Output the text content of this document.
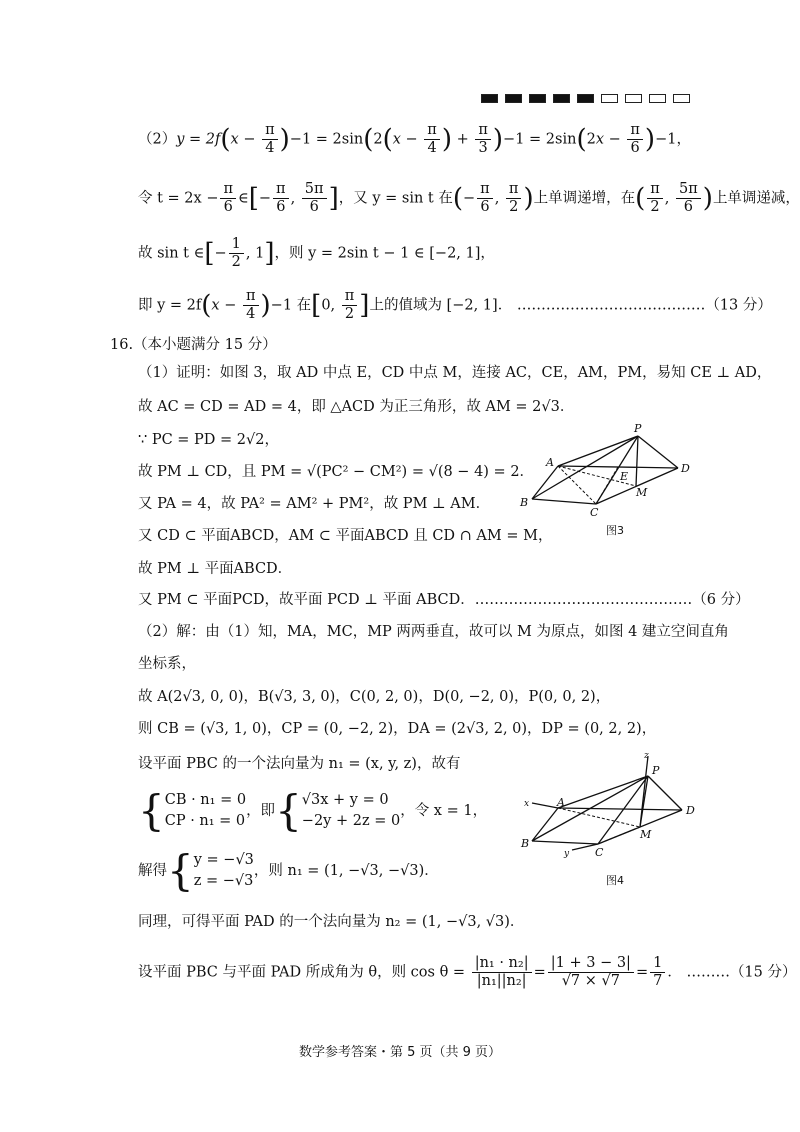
$(2)y = 2f(x - \frac{\pi}{4} )-1 = 2\sin(2(x - \frac{\pi}{4}$ ) + $\frac{\pi}{3} )-1 = 2\sin(2x - \frac{\pi}{6} )-1$，
令 $t = 2x - \frac{\pi}{6}$ ∈[− $\frac{\pi}{6}$ , $\frac{5\pi}{6}$ ]，又 y = sin t 在(− $\frac{\pi}{6}$ , $\frac{\pi}{2}$ )上单调递增，在( $\frac{\pi}{2}$ , $\frac{5\pi}{6}$ )上单调递减，
故 sin t ∈[− $\frac{1}{2}$ , 1]，则 y = 2sin t − 1 ∈ [−2, 1]，
即 $y = 2f(x - \frac{\pi}{4} )-1$ 在[0, $\frac{\pi}{2}$ ]上的值域为 [−2, 1]． …………………………………（13 分）
16.（本小题满分 15 分）
（1）证明：如图 3，取 AD 中点 E，CD 中点 M，连接 AC，CE，AM，PM，易知 CE ⊥ AD，
故 AC = CD = AD = 4，即 △ACD 为正三角形，故 AM = 2√3．
∵ PC = PD = 2√2，
故 PM ⊥ CD，且 PM = √(PC² − CM²) = √(8 − 4) = 2．
又 PA = 4，故 PA² = AM² + PM²，故 PM ⊥ AM．
又 CD ⊂ 平面ABCD，AM ⊂ 平面ABCD 且 CD ∩ AM = M，
故 PM ⊥ 平面ABCD．
又 PM ⊂ 平面PCD，故平面 PCD ⊥ 平面 ABCD．………………………………………（6 分）
（2）解：由（1）知，MA，MC，MP 两两垂直，故可以 M 为原点，如图 4 建立空间直角
坐标系，
故 A(2√3, 0, 0)，B(√3, 3, 0)，C(0, 2, 0)，D(0, −2, 0)，P(0, 0, 2)，
则 CB = (√3, 1, 0)，CP = (0, −2, 2)，DA = (2√3, 2, 0)，DP = (0, 2, 2)，
设平面 PBC 的一个法向量为 n₁ = (x, y, z)，故有
{ CB · n₁ = 0
CP · n₁ = 0
，即{ √3x + y = 0
−2y + 2z = 0
，令 x = 1，
解得{ y = −√3
z = −√3
，则 n₁ = (1, −√3, −√3)．
同理，可得平面 PAD 的一个法向量为 n₂ = (1, −√3, √3)．
设平面 PBC 与平面 PAD 所成角为 θ，则 $\cos \theta = \frac{\text{|n₁ · n₂|}}{\text{|n₁||n₂|}} = \frac{|1 + 3 - 3|}{√7 \times √7} = \frac{1}{7}$ ． ………（15 分）
P
A
B
C
D
E
M
图3
P
A
B
C
D
M
x
y
z
图4
数学参考答案・第 5 页（共 9 页）
